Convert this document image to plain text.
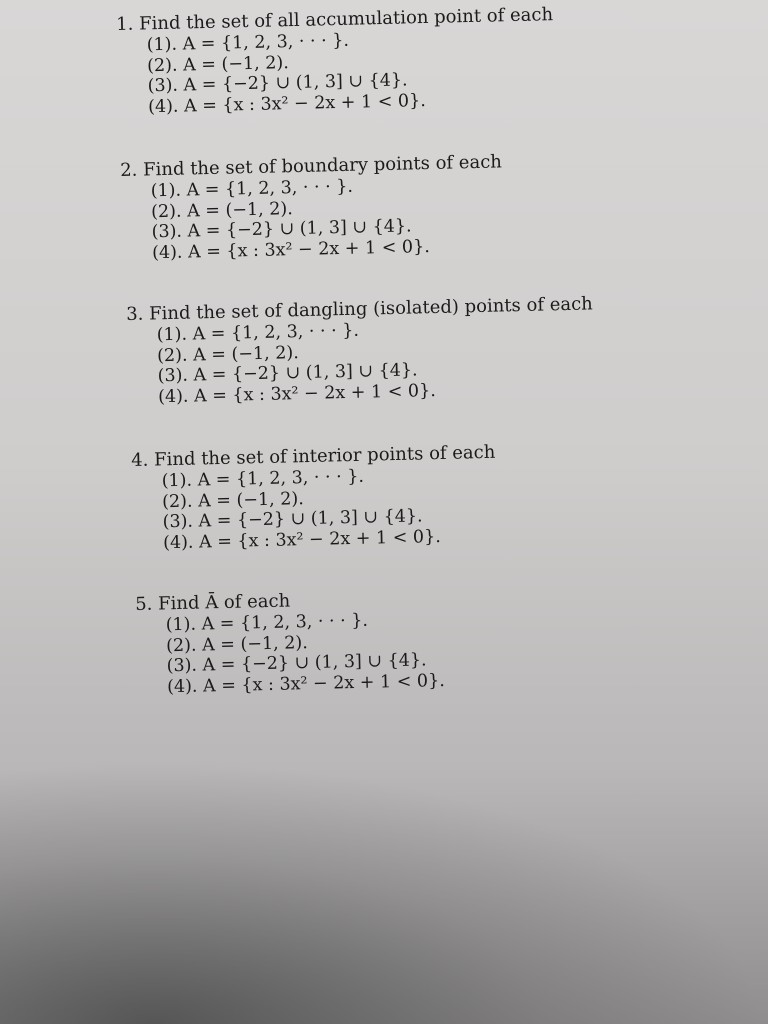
1. Find the set of all accumulation point of each
(1). A = {1, 2, 3, · · · }.
(2). A = (−1, 2).
(3). A = {−2} ∪ (1, 3] ∪ {4}.
(4). A = {x : 3x² − 2x + 1 < 0}.
2. Find the set of boundary points of each
(1). A = {1, 2, 3, · · · }.
(2). A = (−1, 2).
(3). A = {−2} ∪ (1, 3] ∪ {4}.
(4). A = {x : 3x² − 2x + 1 < 0}.
3. Find the set of dangling (isolated) points of each
(1). A = {1, 2, 3, · · · }.
(2). A = (−1, 2).
(3). A = {−2} ∪ (1, 3] ∪ {4}.
(4). A = {x : 3x² − 2x + 1 < 0}.
4. Find the set of interior points of each
(1). A = {1, 2, 3, · · · }.
(2). A = (−1, 2).
(3). A = {−2} ∪ (1, 3] ∪ {4}.
(4). A = {x : 3x² − 2x + 1 < 0}.
5. Find Ā of each
(1). A = {1, 2, 3, · · · }.
(2). A = (−1, 2).
(3). A = {−2} ∪ (1, 3] ∪ {4}.
(4). A = {x : 3x² − 2x + 1 < 0}.
